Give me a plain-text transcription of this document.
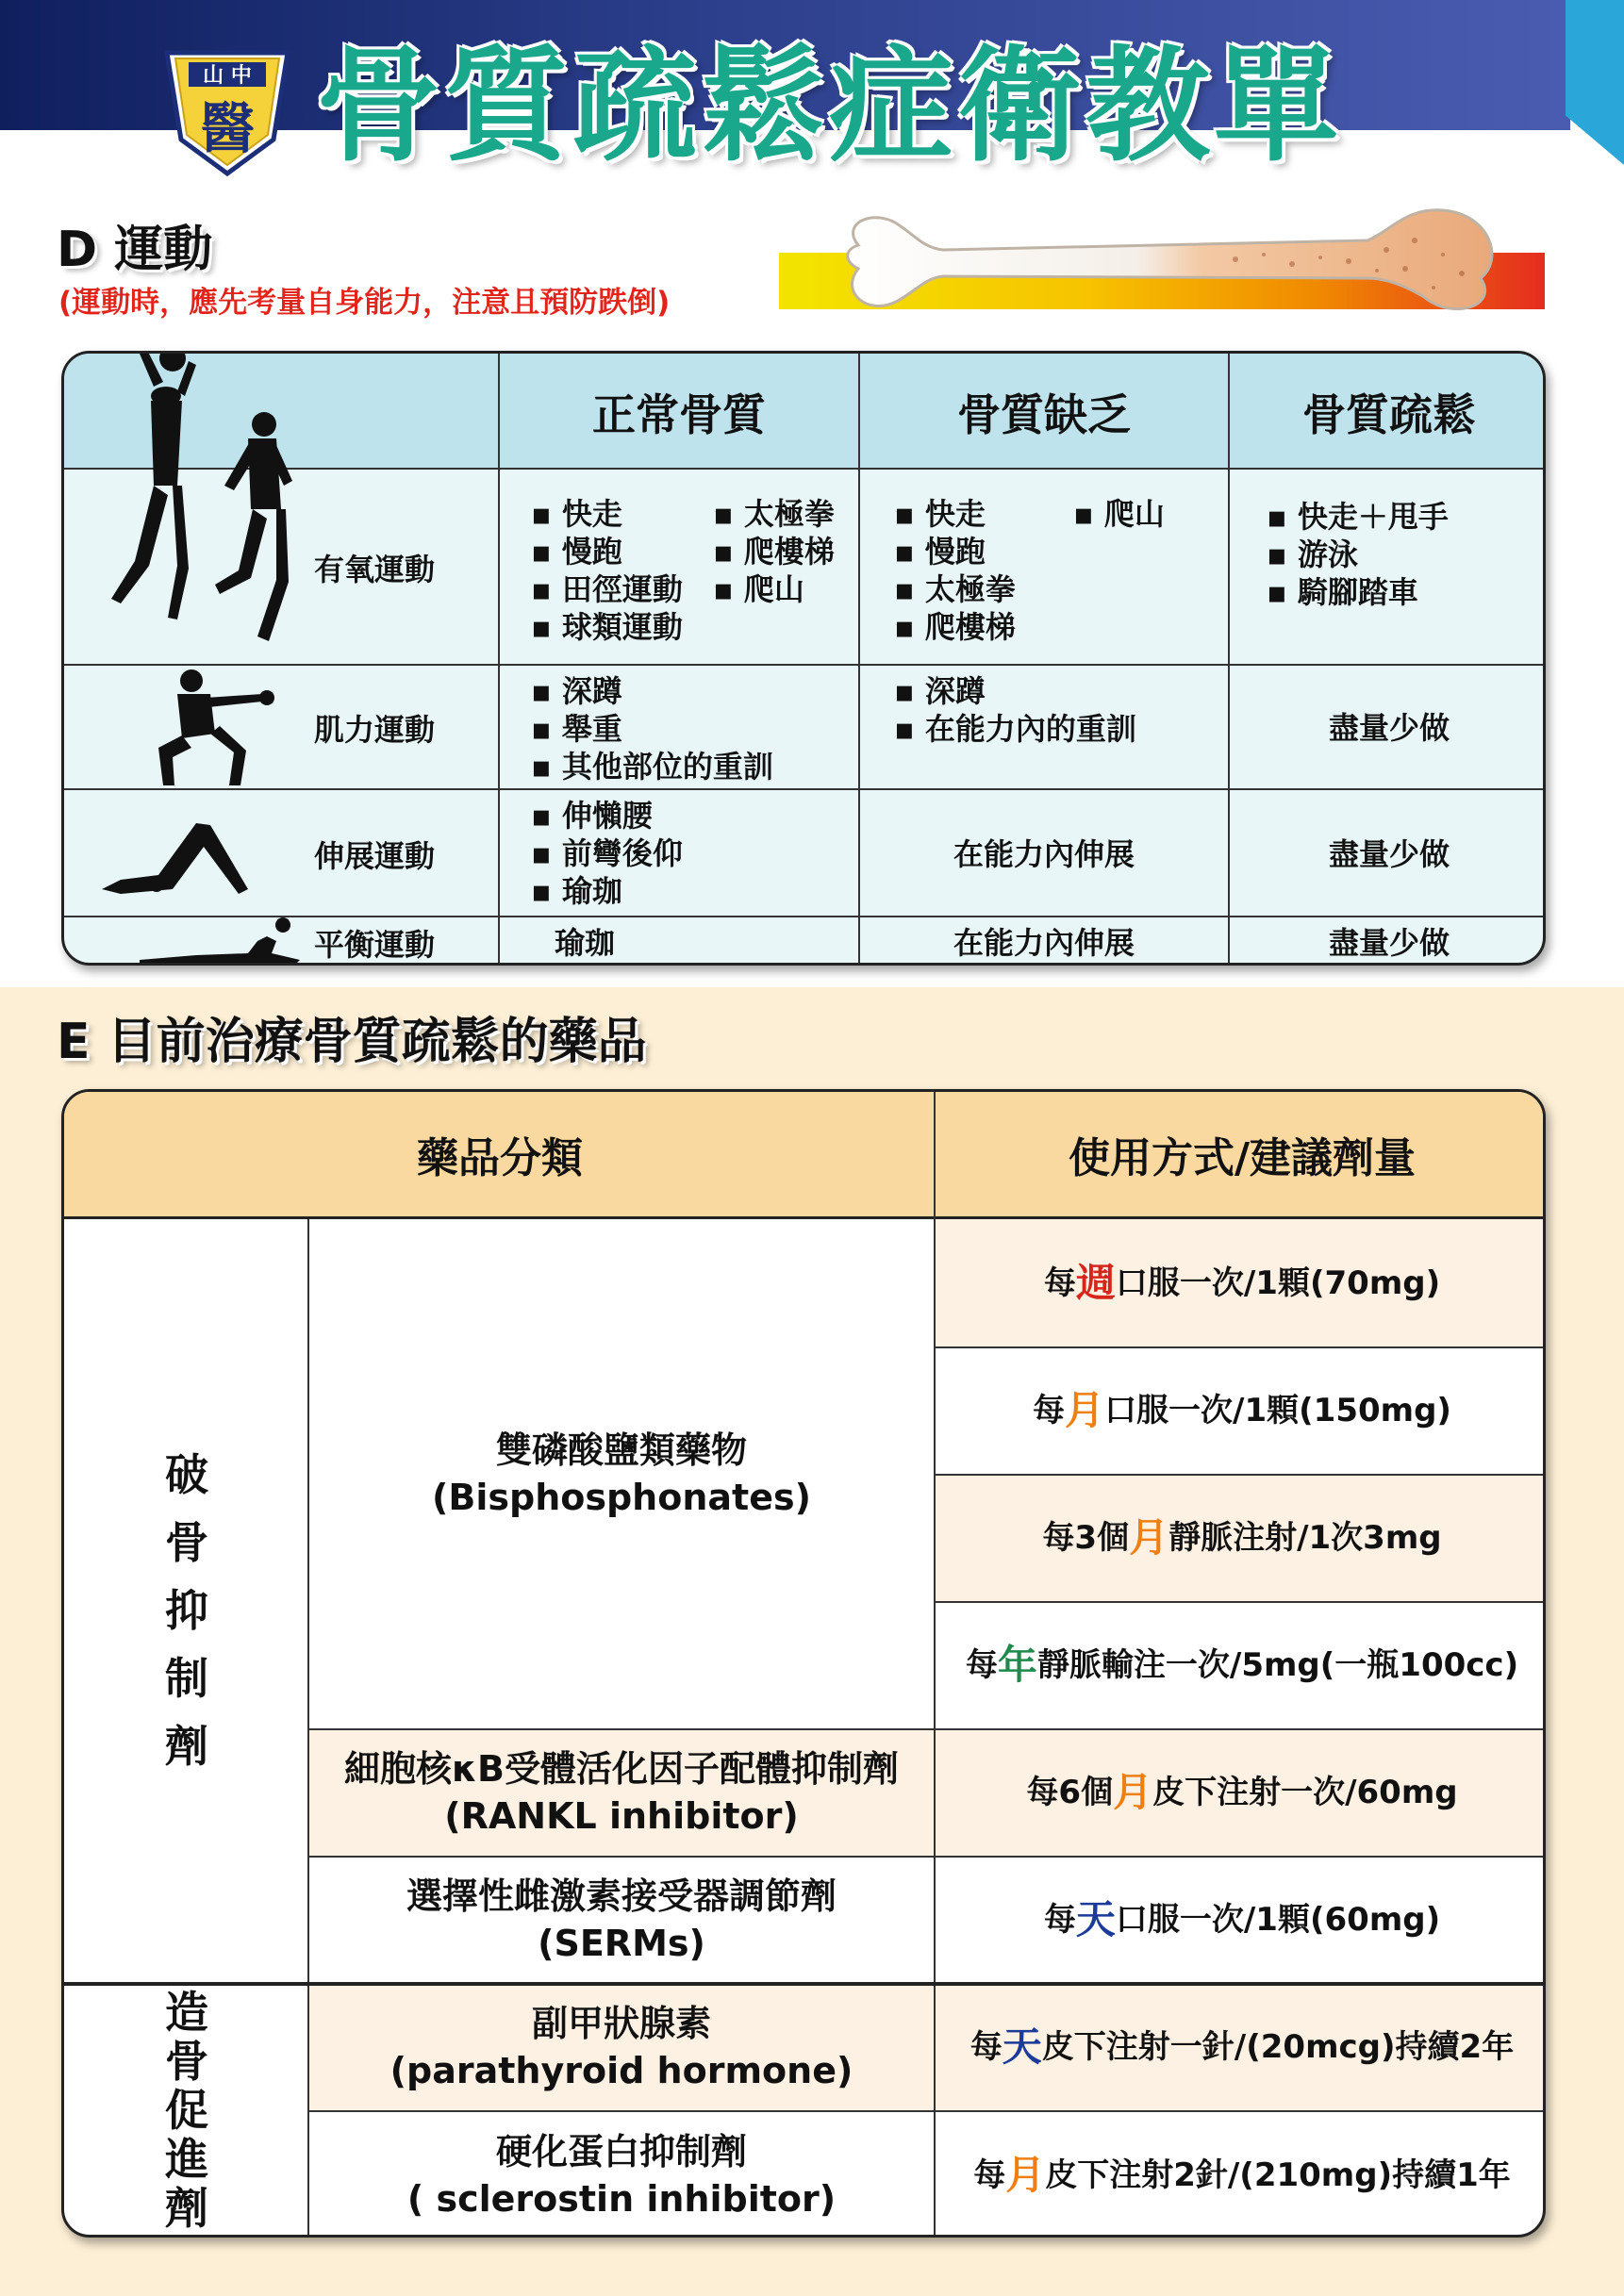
山 中
醫 骨質疏鬆症衛教單
D 運動
(運動時，應先考量自身能力，注意且預防跌倒)
正常骨質	骨質缺乏	骨質疏鬆
有氧運動
肌力運動
伸展運動
平衡運動
▪ 快走
▪ 慢跑
▪ 田徑運動
▪ 球類運動
▪ 太極拳
▪ 爬樓梯
▪ 爬山
▪ 快走
▪ 慢跑
▪ 太極拳
▪ 爬樓梯
▪ 爬山
▪	快走＋甩手
▪ 游泳
▪ 騎腳踏車
▪ 深蹲
▪ 舉重
▪ 其他部位的重訓
▪ 深蹲
▪ 在能力內的重訓	盡量少做
▪ 伸懶腰
▪ 前彎後仰
▪ 瑜珈
在能力內伸展	盡量少做
瑜珈	在能力內伸展	盡量少做
E 目前治療骨質疏鬆的藥品
藥品分類	使用方式/建議劑量
破
骨
抑
制
劑
造
骨
促
進
劑
雙磷酸鹽類藥物
(Bisphosphonates)
細胞核κB受體活化因子配體抑制劑
(RANKL inhibitor)
選擇性雌激素接受器調節劑
(SERMs)
副甲狀腺素
(parathyroid hormone)
硬化蛋白抑制劑
( sclerostin inhibitor)
每 週 口服一次/1顆(70mg)
每 月 口服一次/1顆(150mg)
每3個 月 靜脈注射/1次3mg
每 年 靜脈輸注一次/5mg(一瓶100cc)
每6個 月 皮下注射一次/60mg
每 天 口服一次/1顆(60mg)
每 天 皮下注射一針/(20mcg)持續2年
每 月 皮下注射2針/(210mg)持續1年
